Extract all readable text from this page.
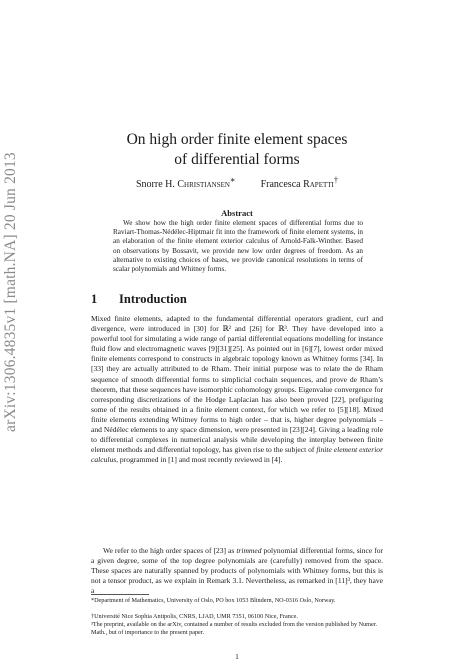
arXiv:1306.4835v1 [math.NA] 20 Jun 2013
On high order finite element spaces
of differential forms
Snorre H. Christiansen∗	Francesca Rapetti†
Abstract

We show how the high order finite element spaces of differential forms due to Raviart-Thomas-Nédélec-Hiptmair fit into the framework of finite element systems, in an elaboration of the finite element exterior calculus of Arnold-Falk-Winther. Based on observations by Bossavit, we provide new low order degrees of freedom. As an alternative to existing choices of bases, we provide canonical resolutions in terms of scalar polynomials and Whitney forms.

1 Introduction

Mixed finite elements, adapted to the fundamental differential operators gradient, curl and divergence, were introduced in [30] for ℝ² and [26] for ℝ³. They have developed into a powerful tool for simulating a wide range of partial differential equations modelling for instance fluid flow and electromagnetic waves [9][31][25]. As pointed out in [6][7], lowest order mixed finite elements correspond to constructs in algebraic topology known as Whitney forms [34]. In [33] they are actually attributed to de Rham. Their initial purpose was to relate the de Rham sequence of smooth differential forms to simplicial cochain sequences, and prove de Rham’s theorem, that these sequences have isomorphic cohomology groups. Eigenvalue convergence for corresponding discretizations of the Hodge Laplacian has also been proved [22], prefiguring some of the results obtained in a finite element context, for which we refer to [5][18]. Mixed finite elements extending Whitney forms to high order – that is, higher degree polynomials – and Nédélec elements to any space dimension, were presented in [23][24]. Giving a leading role to differential complexes in numerical analysis while developing the interplay between finite element methods and differential topology, has given rise to the subject of finite element exterior calculus, programmed in [1] and most recently reviewed in [4].

We refer to the high order spaces of [23] as trimmed polynomial differential forms, since for a given degree, some of the top degree polynomials are (carefully) removed from the space. These spaces are naturally spanned by products of polynomials with Whitney forms, but this is not a tensor product, as we explain in Remark 3.1. Nevertheless, as remarked in [11]³, they have a

*Department of Mathematics, University of Oslo, PO box 1053 Blindern, NO-0316 Oslo, Norway.
†Université Nice Sophia Antipolis, CNRS, LJAD, UMR 7351, 06100 Nice, France.
³The preprint, available on the arXiv, contained a number of results excluded from the version published by Numer. Math., but of importance to the present paper.
1
